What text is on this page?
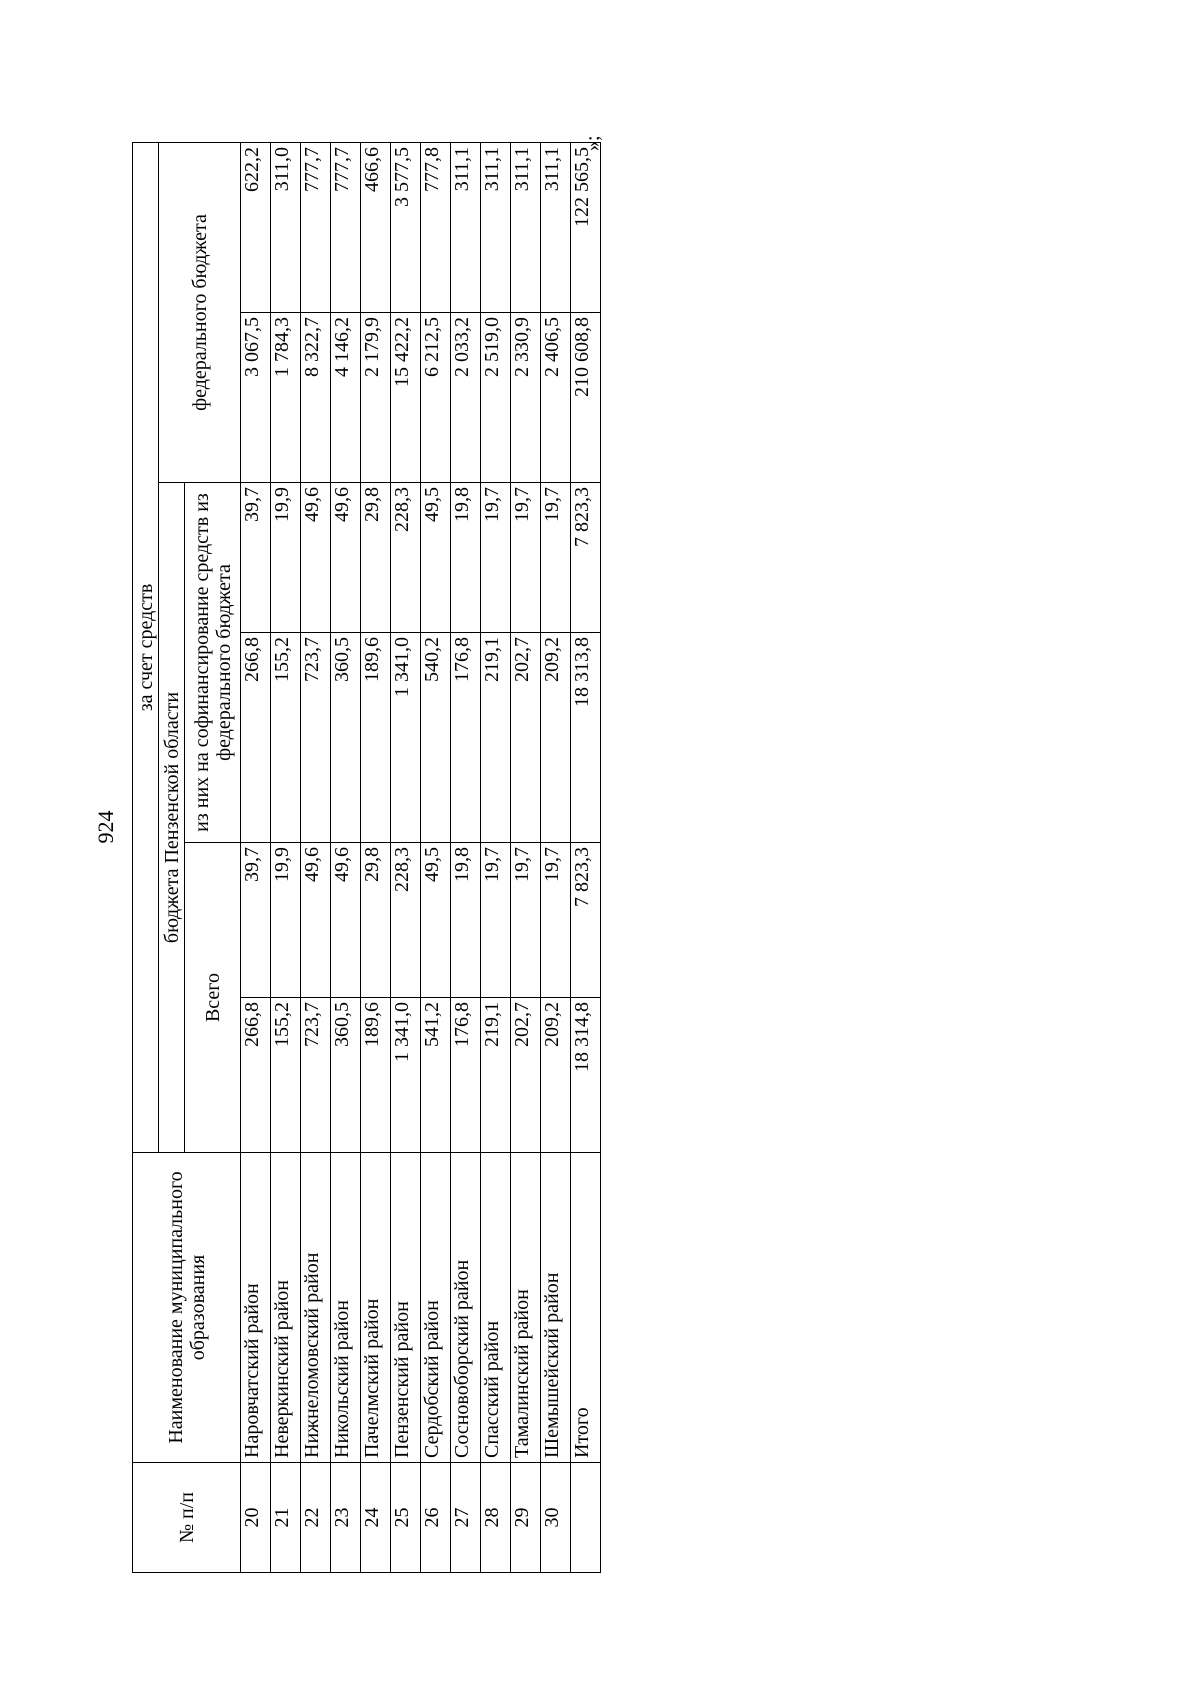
924
№ п/п	Наименование муниципального образования	за счет средств					
		бюджета Пензенской области				федерального бюджета	
		Всего		из них на софинансирование средств из федерального бюджета			
20	Наровчатский район	266,8	39,7	266,8	39,7	3 067,5	622,2
21	Неверкинский район	155,2	19,9	155,2	19,9	1 784,3	311,0
22	Нижнеломовский район	723,7	49,6	723,7	49,6	8 322,7	777,7
23	Никольский район	360,5	49,6	360,5	49,6	4 146,2	777,7
24	Пачелмский район	189,6	29,8	189,6	29,8	2 179,9	466,6
25	Пензенский район	1 341,0	228,3	1 341,0	228,3	15 422,2	3 577,5
26	Сердобский район	541,2	49,5	540,2	49,5	6 212,5	777,8
27	Сосновоборский район	176,8	19,8	176,8	19,8	2 033,2	311,1
28	Спасский район	219,1	19,7	219,1	19,7	2 519,0	311,1
29	Тамалинский район	202,7	19,7	202,7	19,7	2 330,9	311,1
30	Шемышейский район	209,2	19,7	209,2	19,7	2 406,5	311,1
	Итого	18 314,8	7 823,3	18 313,8	7 823,3	210 608,8	122 565,5
»;
